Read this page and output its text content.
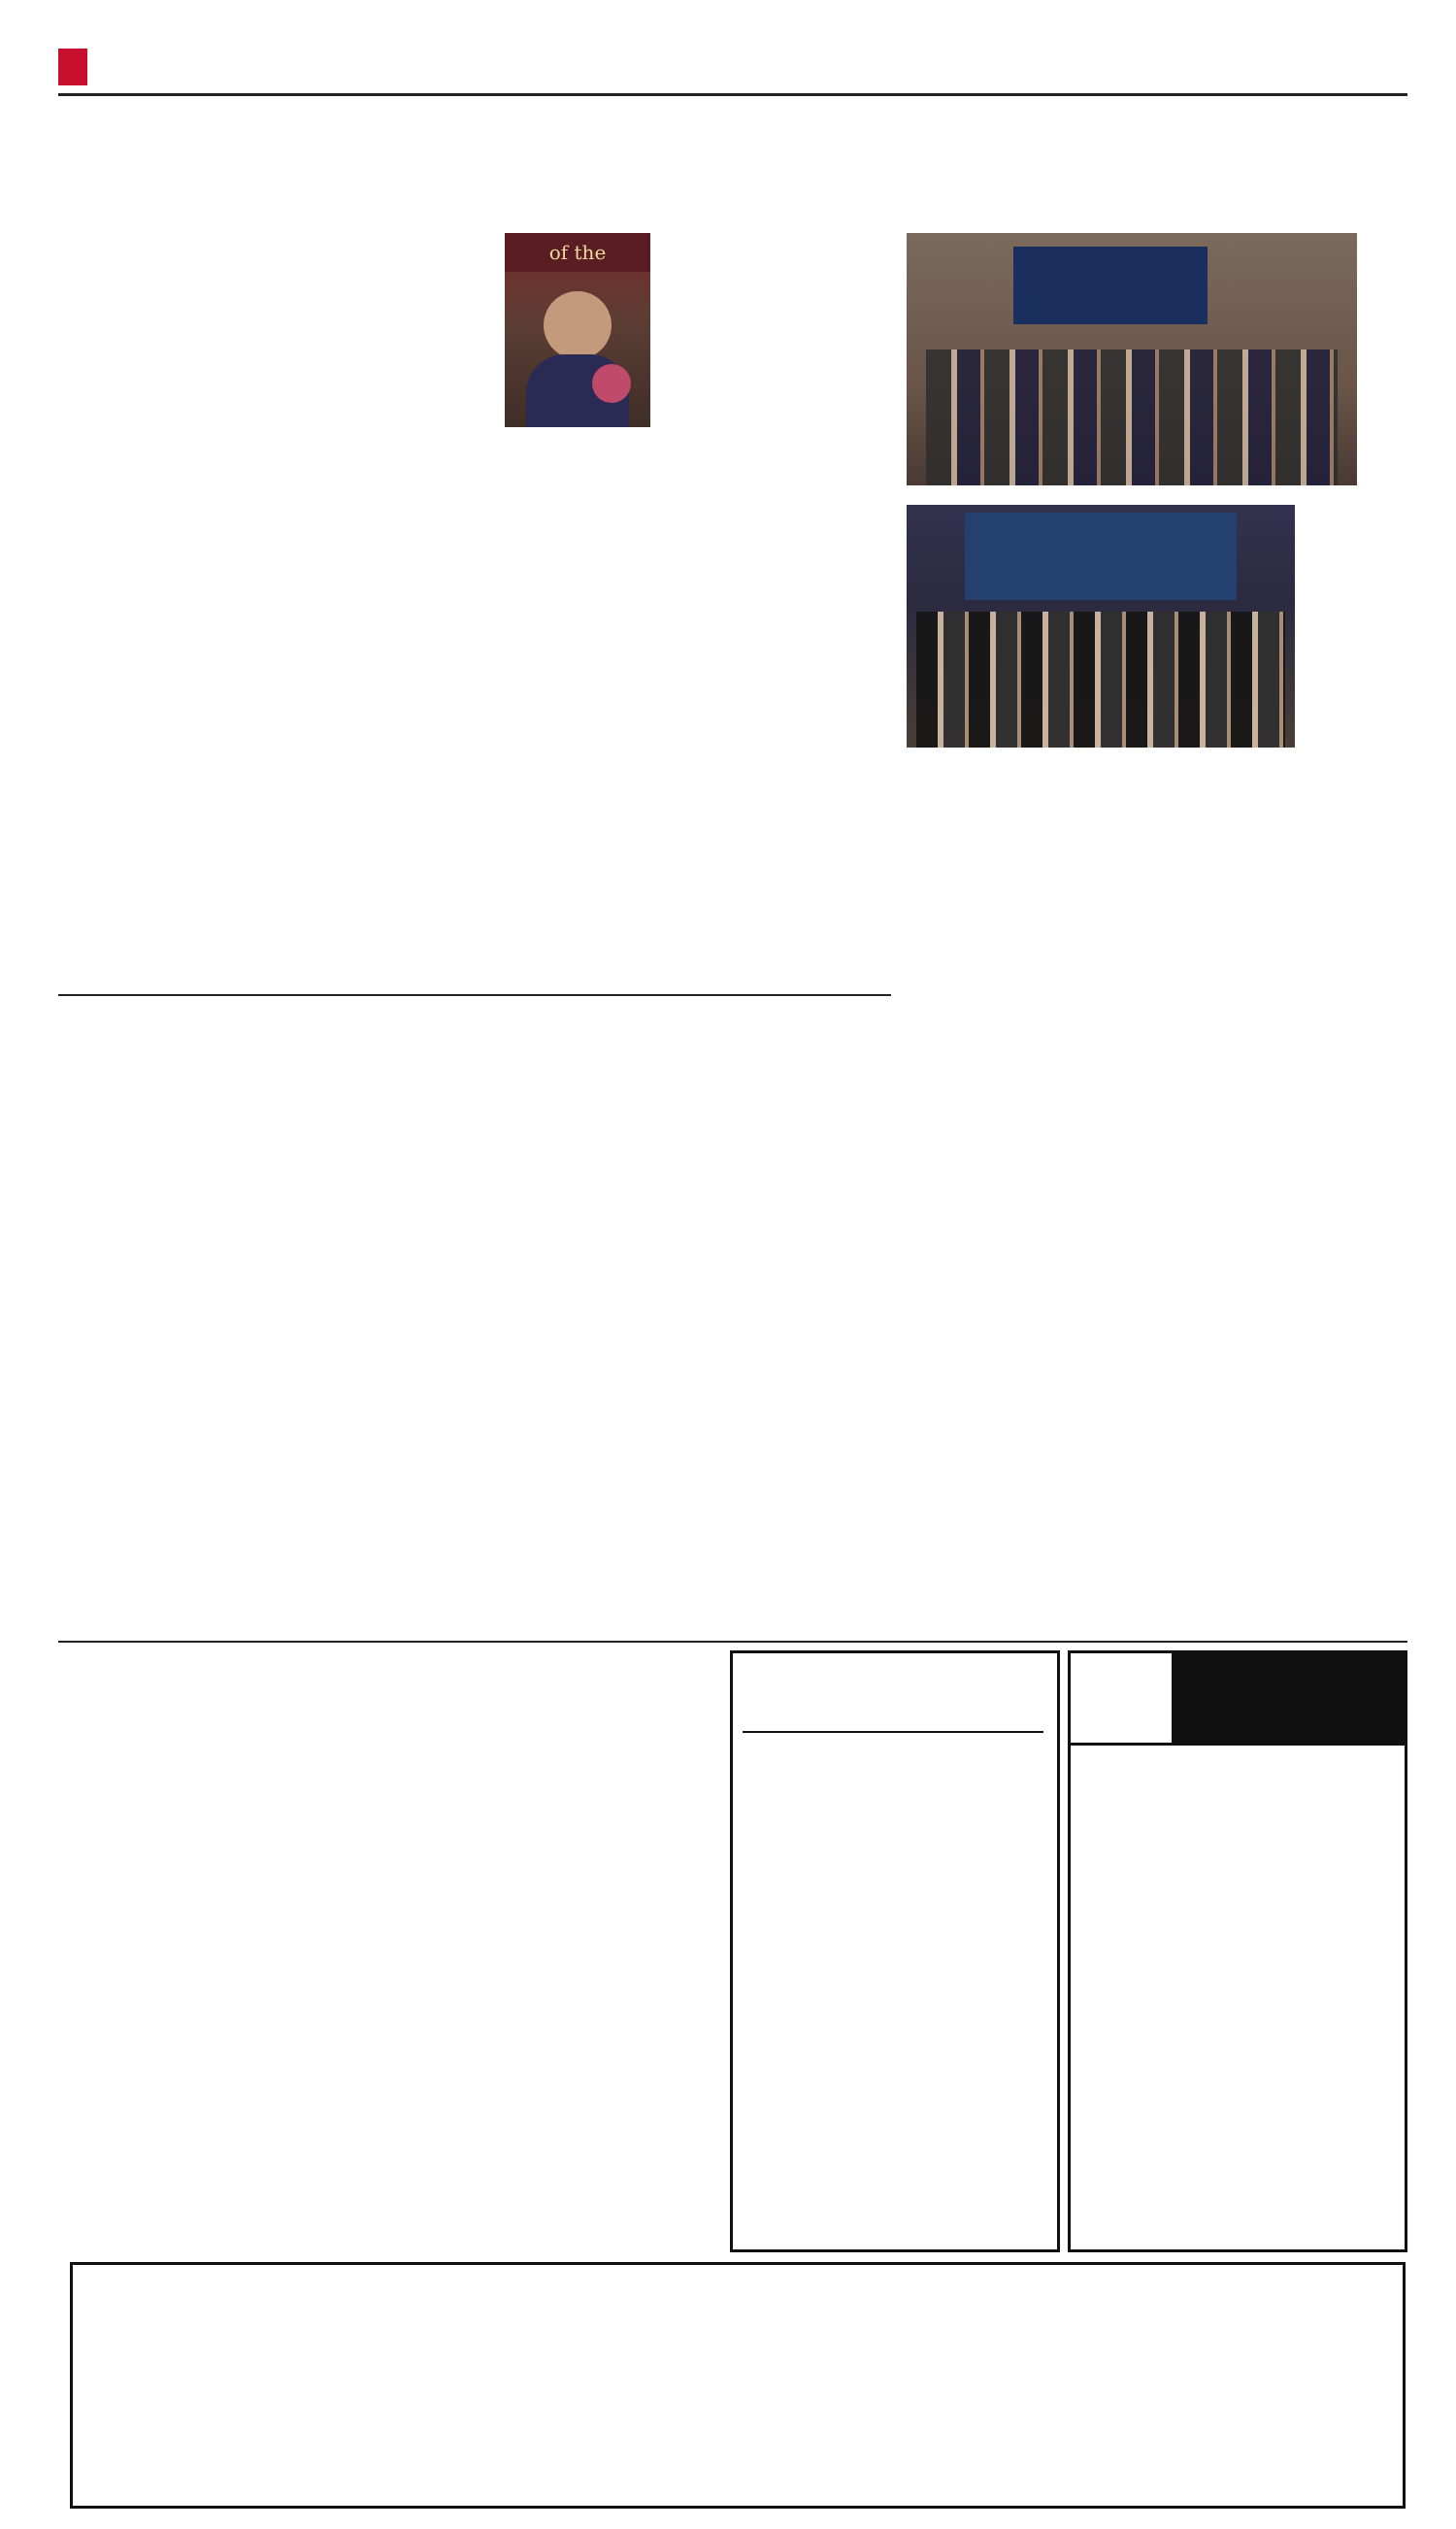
of the
